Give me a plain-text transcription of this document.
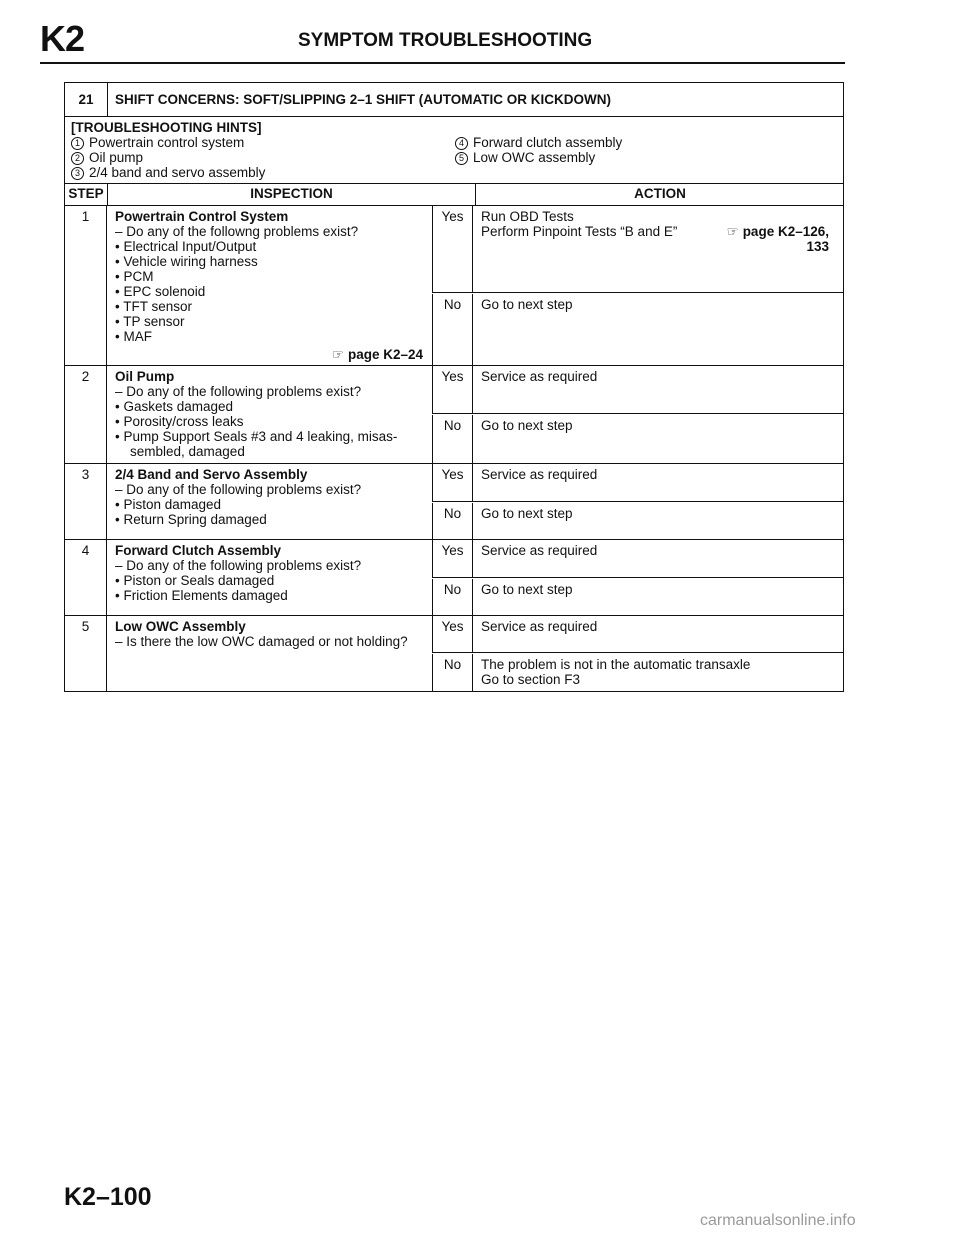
K2	SYMPTOM TROUBLESHOOTING
21	SHIFT CONCERNS: SOFT/SLIPPING 2–1 SHIFT (AUTOMATIC OR KICKDOWN)
[TROUBLESHOOTING HINTS]
1 Powertrain control system
2 Oil pump
3 2/4 band and servo assembly
4 Forward clutch assembly
5 Low OWC assembly
STEP	INSPECTION	ACTION
1	Powertrain Control System
– Do any of the followng problems exist?
• Electrical Input/Output
• Vehicle wiring harness
• PCM
• EPC solenoid
• TFT sensor
• TP sensor
• MAF
☞ page K2–24
Yes	Run OBD Tests
Perform Pinpoint Tests “B and E”	☞ page K2–126,
133
No	Go to next step
2	Oil Pump
– Do any of the following problems exist?
• Gaskets damaged
• Porosity/cross leaks
• Pump Support Seals #3 and 4 leaking, misas-
sembled, damaged
Yes	Service as required
No	Go to next step
3	2/4 Band and Servo Assembly
– Do any of the following problems exist?
• Piston damaged
• Return Spring damaged
Yes	Service as required
No	Go to next step
4	Forward Clutch Assembly
– Do any of the following problems exist?
• Piston or Seals damaged
• Friction Elements damaged
Yes	Service as required
No	Go to next step
5	Low OWC Assembly
– Is there the low OWC damaged or not holding?
Yes	Service as required
No	The problem is not in the automatic transaxle
Go to section F3
K2–100
carmanualsonline.info
